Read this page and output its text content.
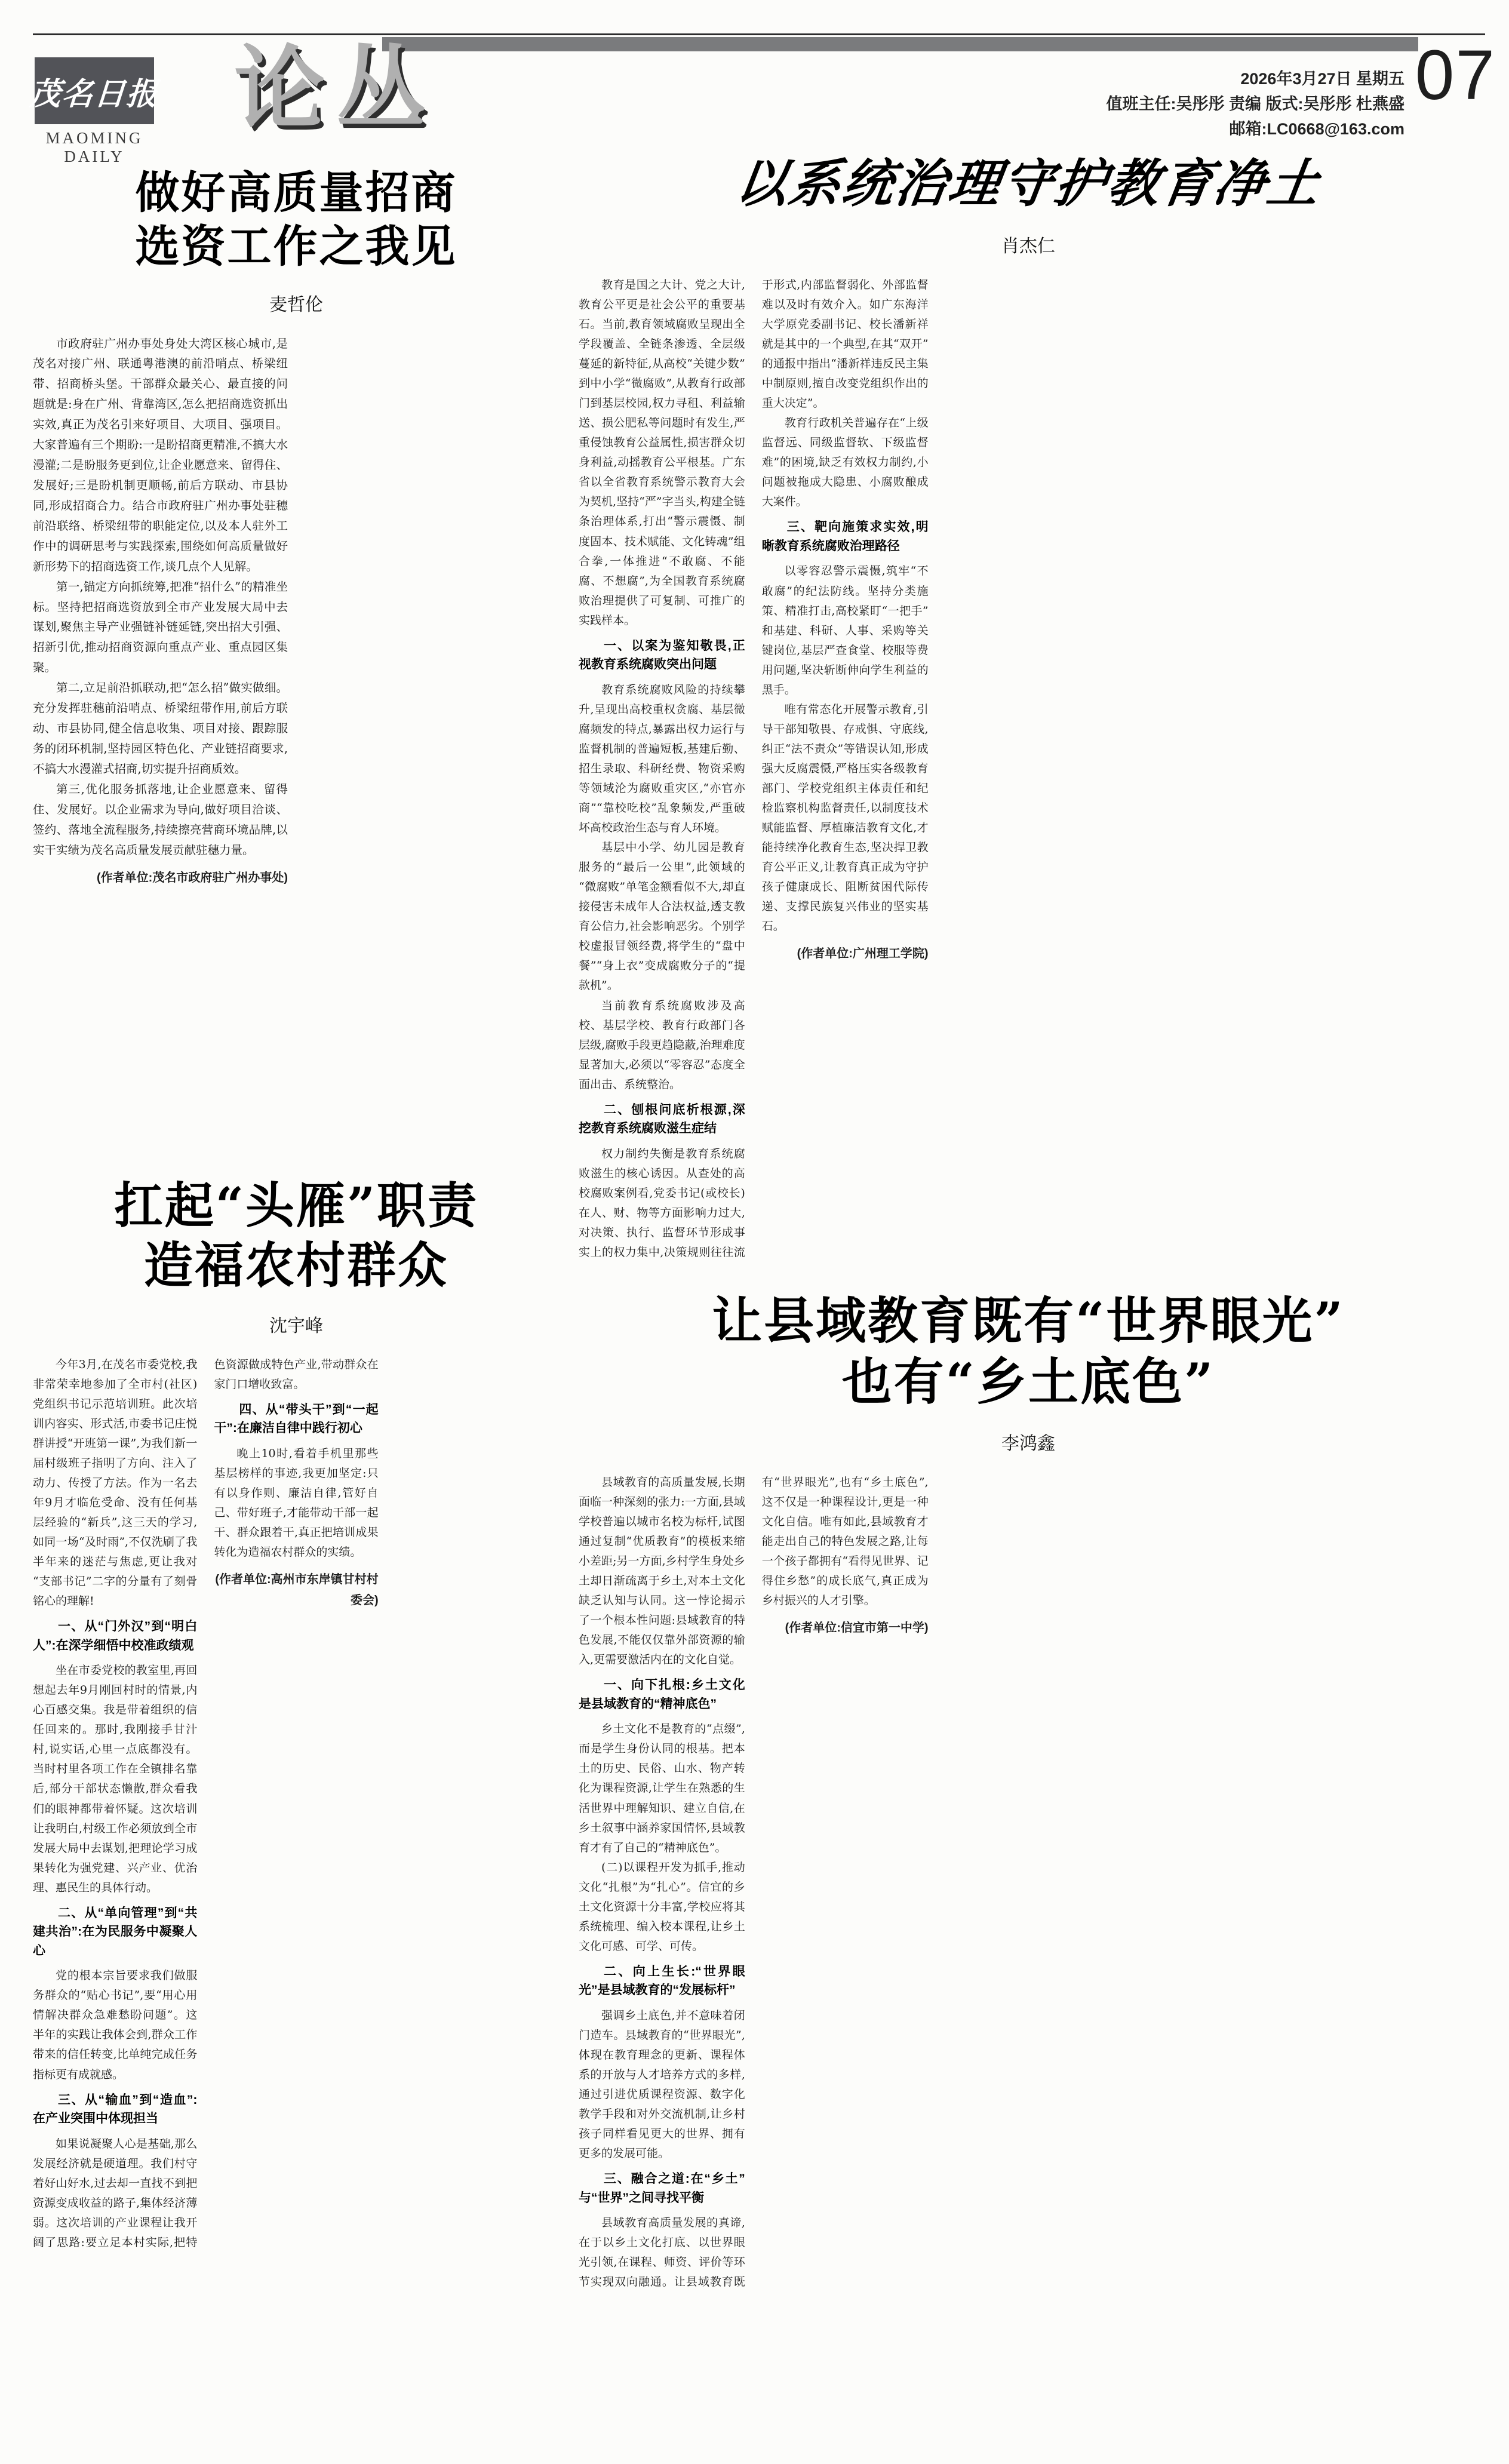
茂名日报
MAOMING DAILY
论丛	2026年3月27日 星期五
值班主任:吴彤彤 责编 版式:吴彤彤 杜燕盛
邮箱:LC0668@163.com
07
做好高质量招商
选资工作之我见
麦哲伦

市政府驻广州办事处身处大湾区核心城市,是茂名对接广州、联通粤港澳的前沿哨点、桥梁纽带、招商桥头堡。干部群众最关心、最直接的问题就是:身在广州、背靠湾区,怎么把招商选资抓出实效,真正为茂名引来好项目、大项目、强项目。大家普遍有三个期盼:一是盼招商更精准,不搞大水漫灌;二是盼服务更到位,让企业愿意来、留得住、发展好;三是盼机制更顺畅,前后方联动、市县协同,形成招商合力。结合市政府驻广州办事处驻穗前沿联络、桥梁纽带的职能定位,以及本人驻外工作中的调研思考与实践探索,围绕如何高质量做好新形势下的招商选资工作,谈几点个人见解。

第一,锚定方向抓统筹,把准“招什么”的精准坐标。坚持把招商选资放到全市产业发展大局中去谋划,聚焦主导产业强链补链延链,突出招大引强、招新引优,推动招商资源向重点产业、重点园区集聚。

第二,立足前沿抓联动,把“怎么招”做实做细。充分发挥驻穗前沿哨点、桥梁纽带作用,前后方联动、市县协同,健全信息收集、项目对接、跟踪服务的闭环机制,坚持园区特色化、产业链招商要求,不搞大水漫灌式招商,切实提升招商质效。

第三,优化服务抓落地,让企业愿意来、留得住、发展好。以企业需求为导向,做好项目洽谈、签约、落地全流程服务,持续擦亮营商环境品牌,以实干实绩为茂名高质量发展贡献驻穗力量。

(作者单位:茂名市政府驻广州办事处)

扛起“头雁”职责
造福农村群众
沈宇峰

今年3月,在茂名市委党校,我非常荣幸地参加了全市村(社区)党组织书记示范培训班。此次培训内容实、形式活,市委书记庄悦群讲授“开班第一课”,为我们新一届村级班子指明了方向、注入了动力、传授了方法。作为一名去年9月才临危受命、没有任何基层经验的“新兵”,这三天的学习,如同一场“及时雨”,不仅洗刷了我半年来的迷茫与焦虑,更让我对“支部书记”二字的分量有了刻骨铭心的理解!

一、从“门外汉”到“明白人”:在深学细悟中校准政绩观

坐在市委党校的教室里,再回想起去年9月刚回村时的情景,内心百感交集。我是带着组织的信任回来的。那时,我刚接手甘汁村,说实话,心里一点底都没有。当时村里各项工作在全镇排名靠后,部分干部状态懒散,群众看我们的眼神都带着怀疑。这次培训让我明白,村级工作必须放到全市发展大局中去谋划,把理论学习成果转化为强党建、兴产业、优治理、惠民生的具体行动。

二、从“单向管理”到“共建共治”:在为民服务中凝聚人心

党的根本宗旨要求我们做服务群众的“贴心书记”,要“用心用情解决群众急难愁盼问题”。这半年的实践让我体会到,群众工作带来的信任转变,比单纯完成任务指标更有成就感。

三、从“输血”到“造血”:在产业突围中体现担当

如果说凝聚人心是基础,那么发展经济就是硬道理。我们村守着好山好水,过去却一直找不到把资源变成收益的路子,集体经济薄弱。这次培训的产业课程让我开阔了思路:要立足本村实际,把特色资源做成特色产业,带动群众在家门口增收致富。

四、从“带头干”到“一起干”:在廉洁自律中践行初心

晚上10时,看着手机里那些基层榜样的事迹,我更加坚定:只有以身作则、廉洁自律,管好自己、带好班子,才能带动干部一起干、群众跟着干,真正把培训成果转化为造福农村群众的实绩。

(作者单位:高州市东岸镇甘村村委会)

以系统治理守护教育净土
肖杰仁

教育是国之大计、党之大计,教育公平更是社会公平的重要基石。当前,教育领域腐败呈现出全学段覆盖、全链条渗透、全层级蔓延的新特征,从高校“关键少数”到中小学“微腐败”,从教育行政部门到基层校园,权力寻租、利益输送、损公肥私等问题时有发生,严重侵蚀教育公益属性,损害群众切身利益,动摇教育公平根基。广东省以全省教育系统警示教育大会为契机,坚持“严”字当头,构建全链条治理体系,打出“警示震慑、制度固本、技术赋能、文化铸魂”组合拳,一体推进“不敢腐、不能腐、不想腐”,为全国教育系统腐败治理提供了可复制、可推广的实践样本。

一、以案为鉴知敬畏,正视教育系统腐败突出问题

教育系统腐败风险的持续攀升,呈现出高校重权贪腐、基层微腐频发的特点,暴露出权力运行与监督机制的普遍短板,基建后勤、招生录取、科研经费、物资采购等领域沦为腐败重灾区,“亦官亦商”“靠校吃校”乱象频发,严重破坏高校政治生态与育人环境。

基层中小学、幼儿园是教育服务的“最后一公里”,此领域的“微腐败”单笔金额看似不大,却直接侵害未成年人合法权益,透支教育公信力,社会影响恶劣。个别学校虚报冒领经费,将学生的“盘中餐”“身上衣”变成腐败分子的“提款机”。

当前教育系统腐败涉及高校、基层学校、教育行政部门各层级,腐败手段更趋隐蔽,治理难度显著加大,必须以“零容忍”态度全面出击、系统整治。

二、刨根问底析根源,深挖教育系统腐败滋生症结

权力制约失衡是教育系统腐败滋生的核心诱因。从查处的高校腐败案例看,党委书记(或校长)在人、财、物等方面影响力过大,对决策、执行、监督环节形成事实上的权力集中,决策规则往往流于形式,内部监督弱化、外部监督难以及时有效介入。如广东海洋大学原党委副书记、校长潘新祥就是其中的一个典型,在其“双开”的通报中指出“潘新祥违反民主集中制原则,擅自改变党组织作出的重大决定”。

教育行政机关普遍存在“上级监督远、同级监督软、下级监督难”的困境,缺乏有效权力制约,小问题被拖成大隐患、小腐败酿成大案件。

三、靶向施策求实效,明晰教育系统腐败治理路径

以零容忍警示震慑,筑牢“不敢腐”的纪法防线。坚持分类施策、精准打击,高校紧盯“一把手”和基建、科研、人事、采购等关键岗位,基层严查食堂、校服等费用问题,坚决斩断伸向学生利益的黑手。

唯有常态化开展警示教育,引导干部知敬畏、存戒惧、守底线,纠正“法不责众”等错误认知,形成强大反腐震慑,严格压实各级教育部门、学校党组织主体责任和纪检监察机构监督责任,以制度技术赋能监督、厚植廉洁教育文化,才能持续净化教育生态,坚决捍卫教育公平正义,让教育真正成为守护孩子健康成长、阻断贫困代际传递、支撑民族复兴伟业的坚实基石。

(作者单位:广州理工学院)

让县域教育既有“世界眼光”
也有“乡土底色”
李鸿鑫

县域教育的高质量发展,长期面临一种深刻的张力:一方面,县域学校普遍以城市名校为标杆,试图通过复制“优质教育”的模板来缩小差距;另一方面,乡村学生身处乡土却日渐疏离于乡土,对本土文化缺乏认知与认同。这一悖论揭示了一个根本性问题:县域教育的特色发展,不能仅仅靠外部资源的输入,更需要激活内在的文化自觉。

一、向下扎根:乡土文化是县域教育的“精神底色”

乡土文化不是教育的“点缀”,而是学生身份认同的根基。把本土的历史、民俗、山水、物产转化为课程资源,让学生在熟悉的生活世界中理解知识、建立自信,在乡土叙事中涵养家国情怀,县域教育才有了自己的“精神底色”。

(二)以课程开发为抓手,推动文化“扎根”为“扎心”。信宜的乡土文化资源十分丰富,学校应将其系统梳理、编入校本课程,让乡土文化可感、可学、可传。

二、向上生长:“世界眼光”是县域教育的“发展标杆”

强调乡土底色,并不意味着闭门造车。县域教育的“世界眼光”,体现在教育理念的更新、课程体系的开放与人才培养方式的多样,通过引进优质课程资源、数字化教学手段和对外交流机制,让乡村孩子同样看见更大的世界、拥有更多的发展可能。

三、融合之道:在“乡土”与“世界”之间寻找平衡

县域教育高质量发展的真谛,在于以乡土文化打底、以世界眼光引领,在课程、师资、评价等环节实现双向融通。让县域教育既有“世界眼光”,也有“乡土底色”,这不仅是一种课程设计,更是一种文化自信。唯有如此,县域教育才能走出自己的特色发展之路,让每一个孩子都拥有“看得见世界、记得住乡愁”的成长底气,真正成为乡村振兴的人才引擎。

(作者单位:信宜市第一中学)
